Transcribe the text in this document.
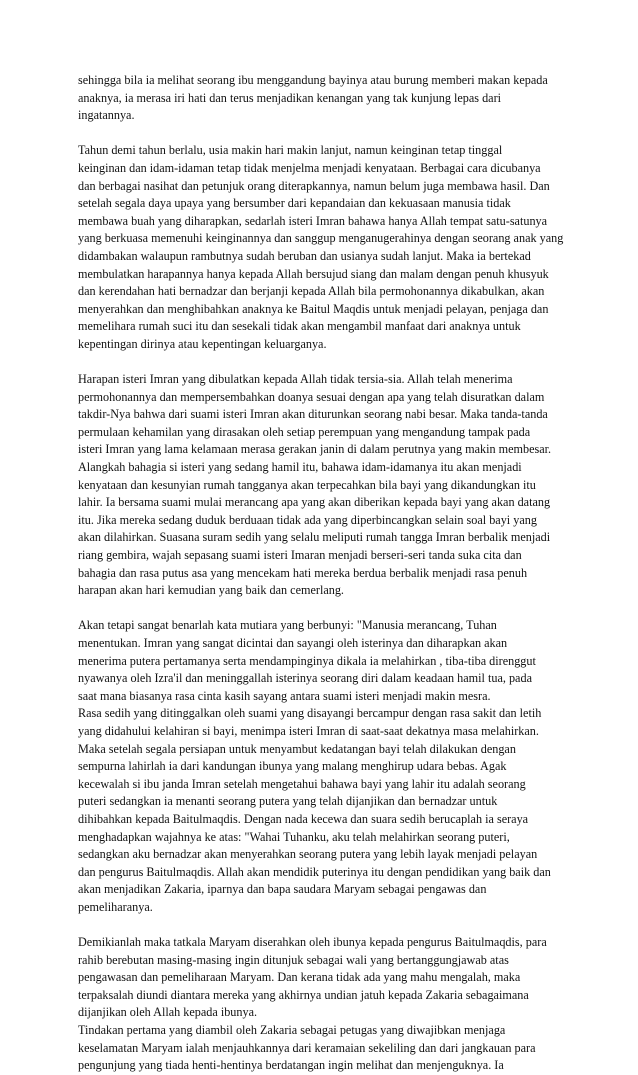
sehingga bila ia melihat seorang ibu menggandung bayinya atau burung memberi makan kepada
anaknya, ia merasa iri hati dan terus menjadikan kenangan yang tak kunjung lepas dari
ingatannya.

Tahun demi tahun berlalu, usia makin hari makin lanjut, namun keinginan tetap tinggal
keinginan dan idam-idaman tetap tidak menjelma menjadi kenyataan. Berbagai cara dicubanya
dan berbagai nasihat dan petunjuk orang diterapkannya, namun belum juga membawa hasil. Dan
setelah segala daya upaya yang bersumber dari kepandaian dan kekuasaan manusia tidak
membawa buah yang diharapkan, sedarlah isteri Imran bahawa hanya Allah tempat satu-satunya
yang berkuasa memenuhi keinginannya dan sanggup menganugerahinya dengan seorang anak yang
didambakan walaupun rambutnya sudah beruban dan usianya sudah lanjut. Maka ia bertekad
membulatkan harapannya hanya kepada Allah bersujud siang dan malam dengan penuh khusyuk
dan kerendahan hati bernadzar dan berjanji kepada Allah bila permohonannya dikabulkan, akan
menyerahkan dan menghibahkan anaknya ke Baitul Maqdis untuk menjadi pelayan, penjaga dan
memelihara rumah suci itu dan sesekali tidak akan mengambil manfaat dari anaknya untuk
kepentingan dirinya atau kepentingan keluarganya.

Harapan isteri Imran yang dibulatkan kepada Allah tidak tersia-sia. Allah telah menerima
permohonannya dan mempersembahkan doanya sesuai dengan apa yang telah disuratkan dalam
takdir-Nya bahwa dari suami isteri Imran akan diturunkan seorang nabi besar. Maka tanda-tanda
permulaan kehamilan yang dirasakan oleh setiap perempuan yang mengandung tampak pada
isteri Imran yang lama kelamaan merasa gerakan janin di dalam perutnya yang makin membesar.
Alangkah bahagia si isteri yang sedang hamil itu, bahawa idam-idamanya itu akan menjadi
kenyataan dan kesunyian rumah tangganya akan terpecahkan bila bayi yang dikandungkan itu
lahir. Ia bersama suami mulai merancang apa yang akan diberikan kepada bayi yang akan datang
itu. Jika mereka sedang duduk berduaan tidak ada yang diperbincangkan selain soal bayi yang
akan dilahirkan. Suasana suram sedih yang selalu meliputi rumah tangga Imran berbalik menjadi
riang gembira, wajah sepasang suami isteri Imaran menjadi berseri-seri tanda suka cita dan
bahagia dan rasa putus asa yang mencekam hati mereka berdua berbalik menjadi rasa penuh
harapan akan hari kemudian yang baik dan cemerlang.

Akan tetapi sangat benarlah kata mutiara yang berbunyi: "Manusia merancang, Tuhan
menentukan. Imran yang sangat dicintai dan sayangi oleh isterinya dan diharapkan akan
menerima putera pertamanya serta mendampinginya dikala ia melahirkan , tiba-tiba direnggut
nyawanya oleh Izra'il dan meninggallah isterinya seorang diri dalam keadaan hamil tua, pada
saat mana biasanya rasa cinta kasih sayang antara suami isteri menjadi makin mesra.
Rasa sedih yang ditinggalkan oleh suami yang disayangi bercampur dengan rasa sakit dan letih
yang didahului kelahiran si bayi, menimpa isteri Imran di saat-saat dekatnya masa melahirkan.
Maka setelah segala persiapan untuk menyambut kedatangan bayi telah dilakukan dengan
sempurna lahirlah ia dari kandungan ibunya yang malang menghirup udara bebas. Agak
kecewalah si ibu janda Imran setelah mengetahui bahawa bayi yang lahir itu adalah seorang
puteri sedangkan ia menanti seorang putera yang telah dijanjikan dan bernadzar untuk
dihibahkan kepada Baitulmaqdis. Dengan nada kecewa dan suara sedih berucaplah ia seraya
menghadapkan wajahnya ke atas: "Wahai Tuhanku, aku telah melahirkan seorang puteri,
sedangkan aku bernadzar akan menyerahkan seorang putera yang lebih layak menjadi pelayan
dan pengurus Baitulmaqdis. Allah akan mendidik puterinya itu dengan pendidikan yang baik dan
akan menjadikan Zakaria, iparnya dan bapa saudara Maryam sebagai pengawas dan
pemeliharanya.

Demikianlah maka tatkala Maryam diserahkan oleh ibunya kepada pengurus Baitulmaqdis, para
rahib berebutan masing-masing ingin ditunjuk sebagai wali yang bertanggungjawab atas
pengawasan dan pemeliharaan Maryam. Dan kerana tidak ada yang mahu mengalah, maka
terpaksalah diundi diantara mereka yang akhirnya undian jatuh kepada Zakaria sebagaimana
dijanjikan oleh Allah kepada ibunya.
Tindakan pertama yang diambil oleh Zakaria sebagai petugas yang diwajibkan menjaga
keselamatan Maryam ialah menjauhkannya dari keramaian sekeliling dan dari jangkauan para
pengunjung yang tiada henti-hentinya berdatangan ingin melihat dan menjenguknya. Ia
